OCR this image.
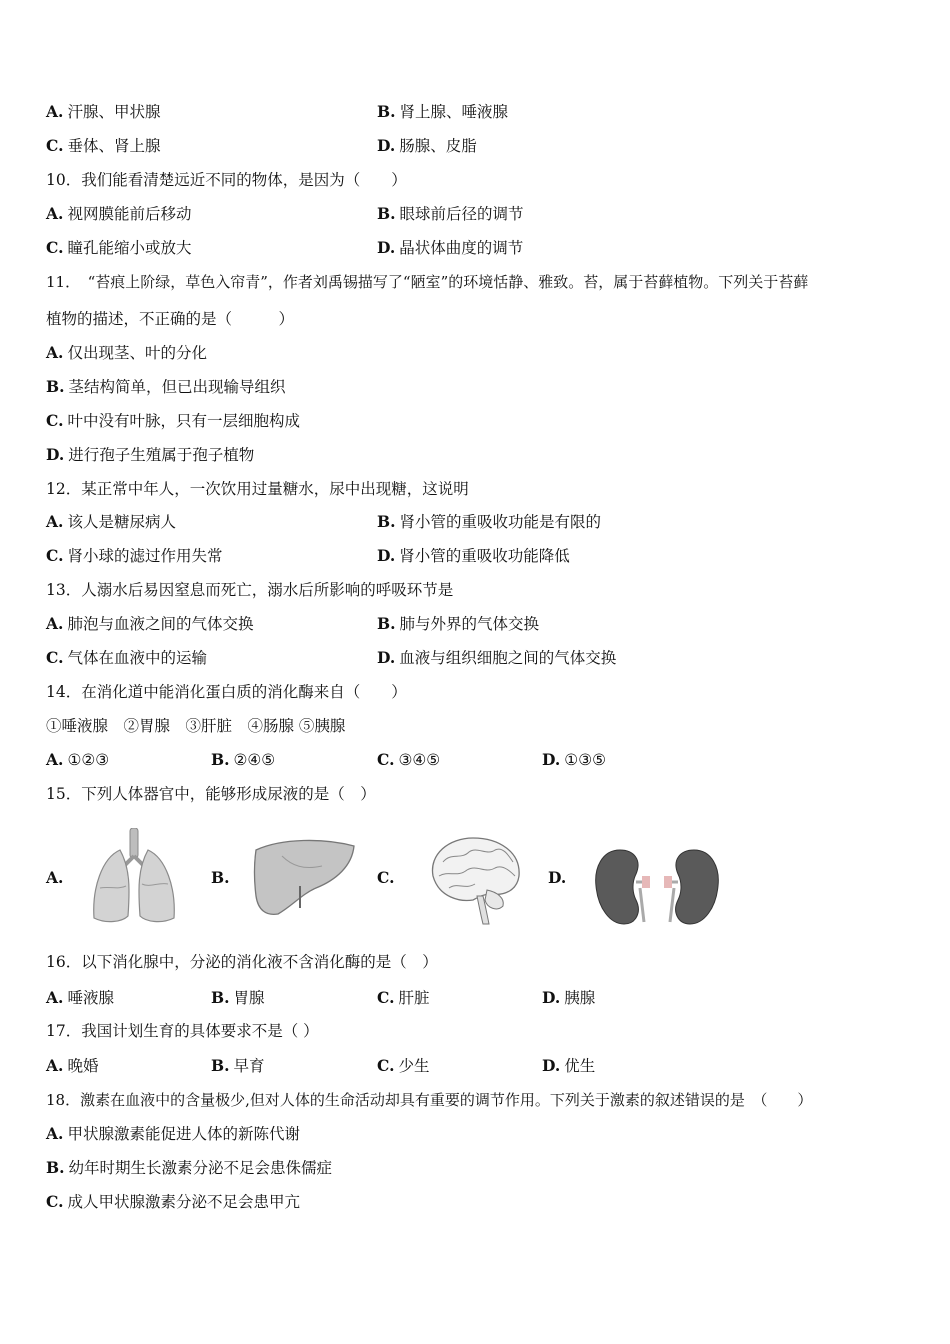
A. 汗腺、甲状腺	B. 肾上腺、唾液腺
C. 垂体、肾上腺	D. 肠腺、皮脂
10．我们能看清楚远近不同的物体，是因为（　　）
A. 视网膜能前后移动	B. 眼球前后径的调节
C. 瞳孔能缩小或放大	D. 晶状体曲度的调节
11．　“苔痕上阶绿，草色入帘青”，作者刘禹锡描写了“陋室”的环境恬静、雅致。苔，属于苔藓植物。下列关于苔藓
植物的描述，不正确的是（　　　）
A. 仅出现茎、叶的分化
B. 茎结构简单，但已出现输导组织
C. 叶中没有叶脉，只有一层细胞构成
D. 进行孢子生殖属于孢子植物
12．某正常中年人，一次饮用过量糖水，尿中出现糖，这说明
A. 该人是糖尿病人	B. 肾小管的重吸收功能是有限的
C. 肾小球的滤过作用失常	D. 肾小管的重吸收功能降低
13．人溺水后易因窒息而死亡，溺水后所影响的呼吸环节是
A. 肺泡与血液之间的气体交换	B. 肺与外界的气体交换
C. 气体在血液中的运输	D. 血液与组织细胞之间的气体交换
14．在消化道中能消化蛋白质的消化酶来自（　　）
①唾液腺　②胃腺　③肝脏　④肠腺 ⑤胰腺
A. ①②③	B. ②④⑤	C. ③④⑤	D. ①③⑤
15．下列人体器官中，能够形成尿液的是（　）
A.	B.	C.	D.
16．以下消化腺中，分泌的消化液不含消化酶的是（　）
A. 唾液腺	B. 胃腺	C. 肝脏	D. 胰腺
17．我国计划生育的具体要求不是（ ）
A. 晚婚	B. 早育	C. 少生	D. 优生
18．激素在血液中的含量极少,但对人体的生命活动却具有重要的调节作用。下列关于激素的叙述错误的是　（　　）
A. 甲状腺激素能促进人体的新陈代谢
B. 幼年时期生长激素分泌不足会患侏儒症
C. 成人甲状腺激素分泌不足会患甲亢
